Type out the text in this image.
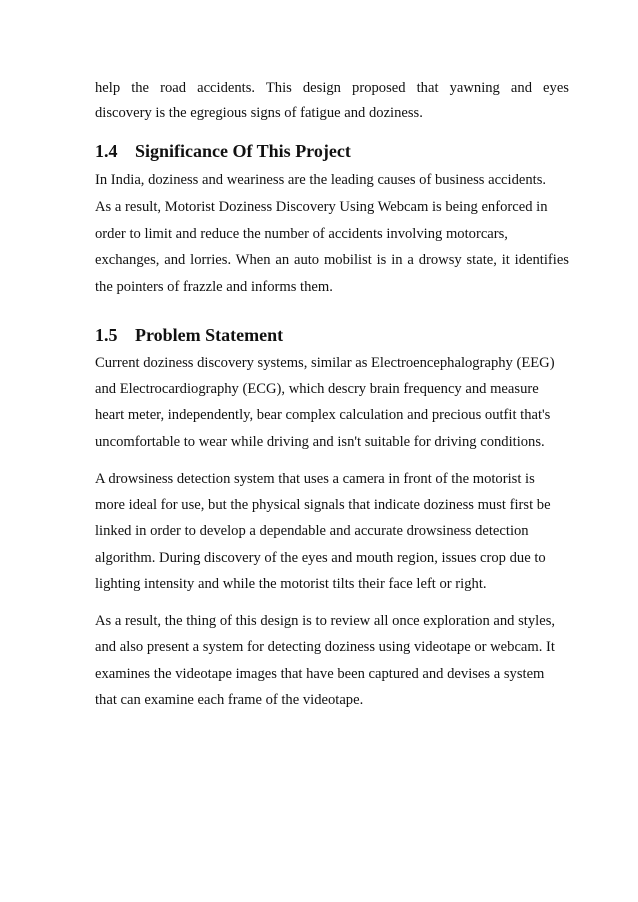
help the road accidents. This design proposed that yawning and eyes
discovery is the egregious signs of fatigue and doziness.
1.4 Significance Of This Project
In India, doziness and weariness are the leading causes of business accidents.
As a result, Motorist Doziness Discovery Using Webcam is being enforced in
order to limit and reduce the number of accidents involving motorcars,
exchanges, and lorries. When an auto mobilist is in a drowsy state, it identifies
the pointers of frazzle and informs them.
1.5 Problem Statement
Current doziness discovery systems, similar as Electroencephalography (EEG)
and Electrocardiography (ECG), which descry brain frequency and measure
heart meter, independently, bear complex calculation and precious outfit that's
uncomfortable to wear while driving and isn't suitable for driving conditions.
A drowsiness detection system that uses a camera in front of the motorist is
more ideal for use, but the physical signals that indicate doziness must first be
linked in order to develop a dependable and accurate drowsiness detection
algorithm. During discovery of the eyes and mouth region, issues crop due to
lighting intensity and while the motorist tilts their face left or right.
As a result, the thing of this design is to review all once exploration and styles,
and also present a system for detecting doziness using videotape or webcam. It
examines the videotape images that have been captured and devises a system
that can examine each frame of the videotape.
